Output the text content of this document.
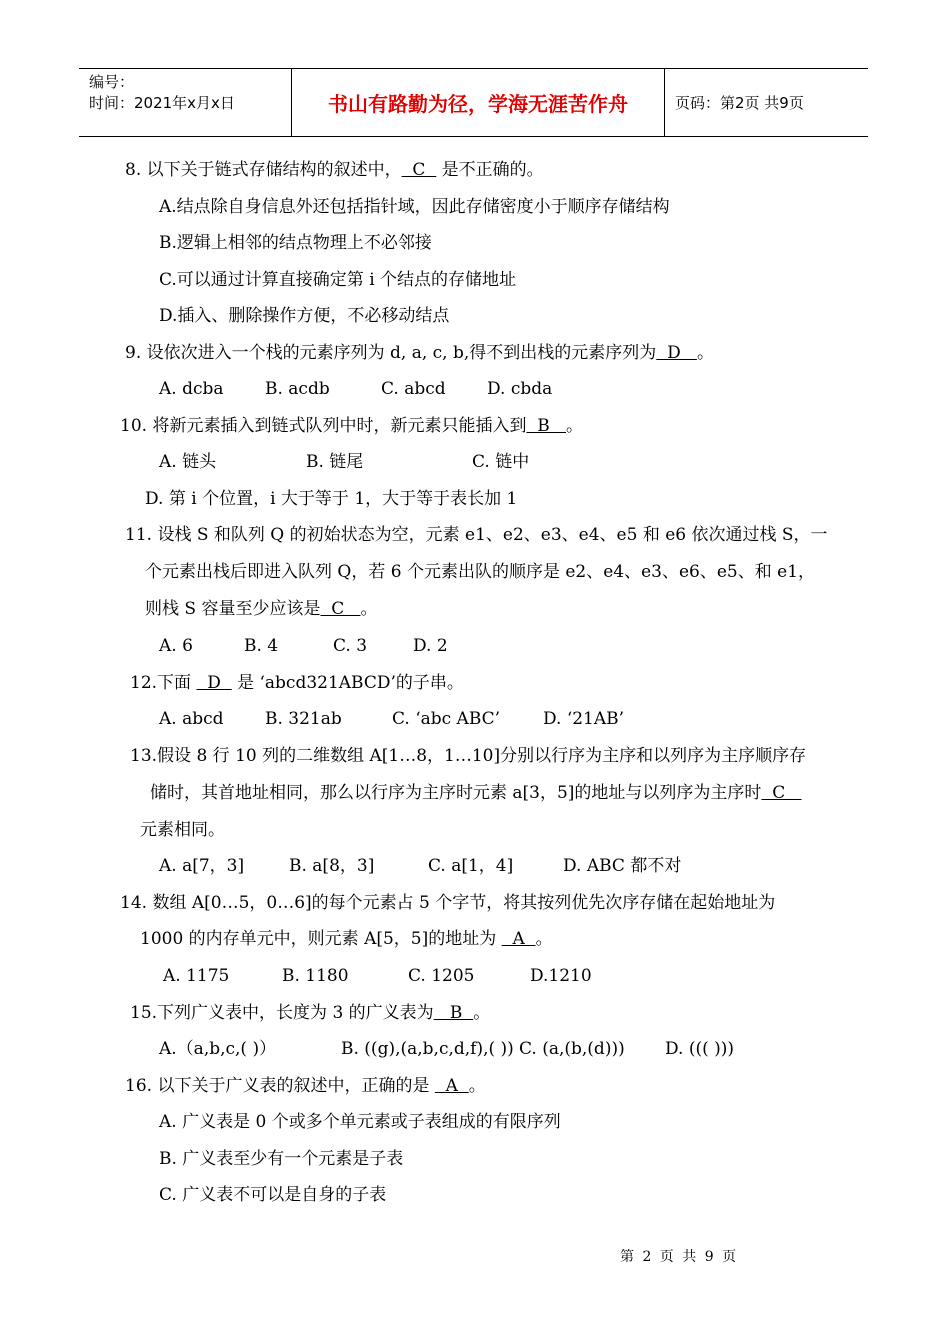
编号：
时间：2021年x月x日	书山有路勤为径，学海无涯苦作舟	页码：第2页 共9页
8. 以下关于链式存储结构的叙述中，  C   是不正确的。
A.结点除自身信息外还包括指针域，因此存储密度小于顺序存储结构
B.逻辑上相邻的结点物理上不必邻接
C.可以通过计算直接确定第 i 个结点的存储地址
D.插入、删除操作方便，不必移动结点
9. 设依次进入一个栈的元素序列为 d, a, c, b,得不到出栈的元素序列为  D   。
A. dcba B. acdb	C. abcd D. cbda
10. 将新元素插入到链式队列中时，新元素只能插入到  B   。
A. 链头	B. 链尾	C. 链中
D. 第 i 个位置，i 大于等于 1，大于等于表长加 1
11. 设栈 S 和队列 Q 的初始状态为空，元素 e1、e2、e3、e4、e5 和 e6 依次通过栈 S，一
个元素出栈后即进入队列 Q，若 6 个元素出队的顺序是 e2、e4、e3、e6、e5、和 e1，
则栈 S 容量至少应该是  C   。
A. 6	B. 4	C. 3	D. 2
12.下面   D   是 ‘abcd321ABCD’的子串。
A. abcd B. 321ab	C. ‘abc ABC’	D. ‘21AB’
13.假设 8 行 10 列的二维数组 A[1…8，1…10]分别以行序为主序和以列序为主序顺序存
储时，其首地址相同，那么以行序为主序时元素 a[3，5]的地址与以列序为主序时  C
元素相同。
A. a[7，3]	B. a[8，3]	C. a[1，4]	D. ABC 都不对
14. 数组 A[0…5，0…6]的每个元素占 5 个字节，将其按列优先次序存储在起始地址为
1000 的内存单元中，则元素 A[5，5]的地址为   A  。
A. 1175	B. 1180	C. 1205	D.1210
15.下列广义表中，长度为 3 的广义表为   B  。
A.（a,b,c,( )）	B. ((g),(a,b,c,d,f),( )) C. (a,(b,(d))) D. ((( )))
16. 以下关于广义表的叙述中，正确的是   A  。
A. 广义表是 0 个或多个单元素或子表组成的有限序列
B. 广义表至少有一个元素是子表
C. 广义表不可以是自身的子表
第 2 页 共 9 页
